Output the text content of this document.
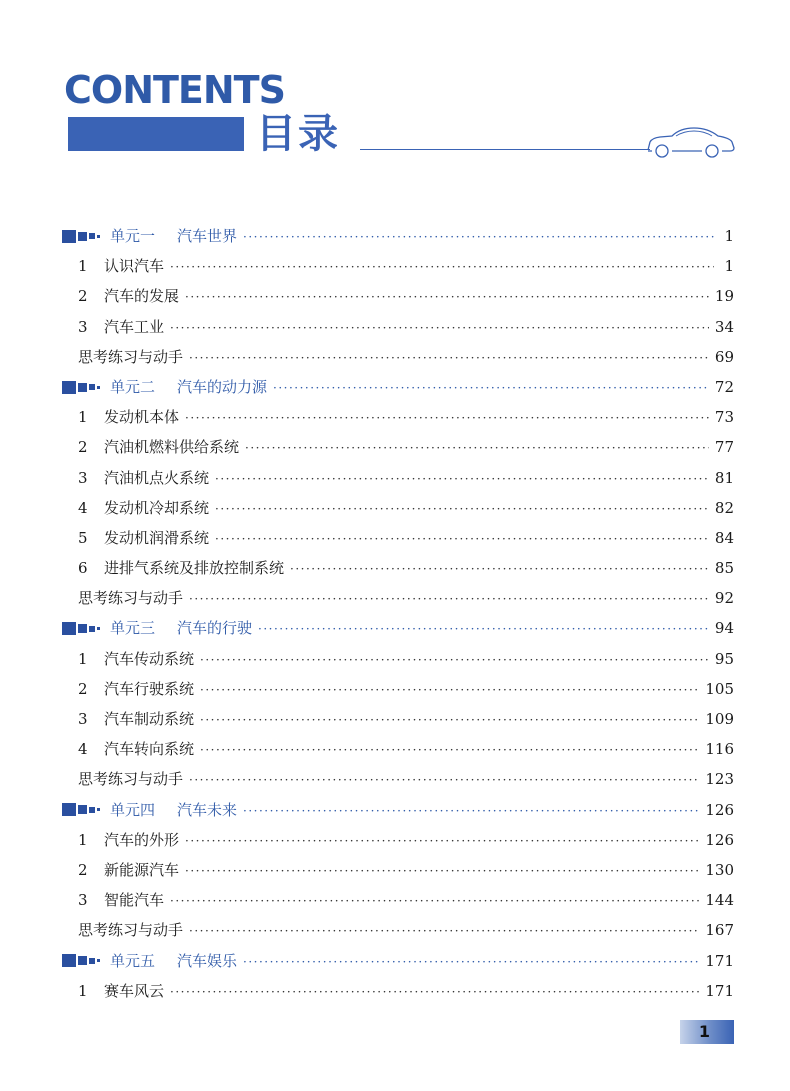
CONTENTS
目录
单元一 汽车世界 ·····	1
1	认识汽车 ·····	1
2	汽车的发展 ·····	19
3	汽车工业 ·····	34
思考练习与动手 ·····	69
单元二 汽车的动力源 ·····	72
1	发动机本体 ·····	73
2	汽油机燃料供给系统 ·····	77
3	汽油机点火系统 ·····	81
4	发动机冷却系统 ·····	82
5	发动机润滑系统 ·····	84
6	进排气系统及排放控制系统 ·····	85
思考练习与动手 ·····	92
单元三 汽车的行驶 ·····	94
1	汽车传动系统 ·····	95
2	汽车行驶系统 ·····	105
3	汽车制动系统 ·····	109
4	汽车转向系统 ·····	116
思考练习与动手 ·····	123
单元四 汽车未来 ·····	126
1	汽车的外形 ·····	126
2	新能源汽车 ·····	130
3	智能汽车 ·····	144
思考练习与动手 ·····	167
单元五 汽车娱乐 ·····	171
1	赛车风云 ·····	171
1
